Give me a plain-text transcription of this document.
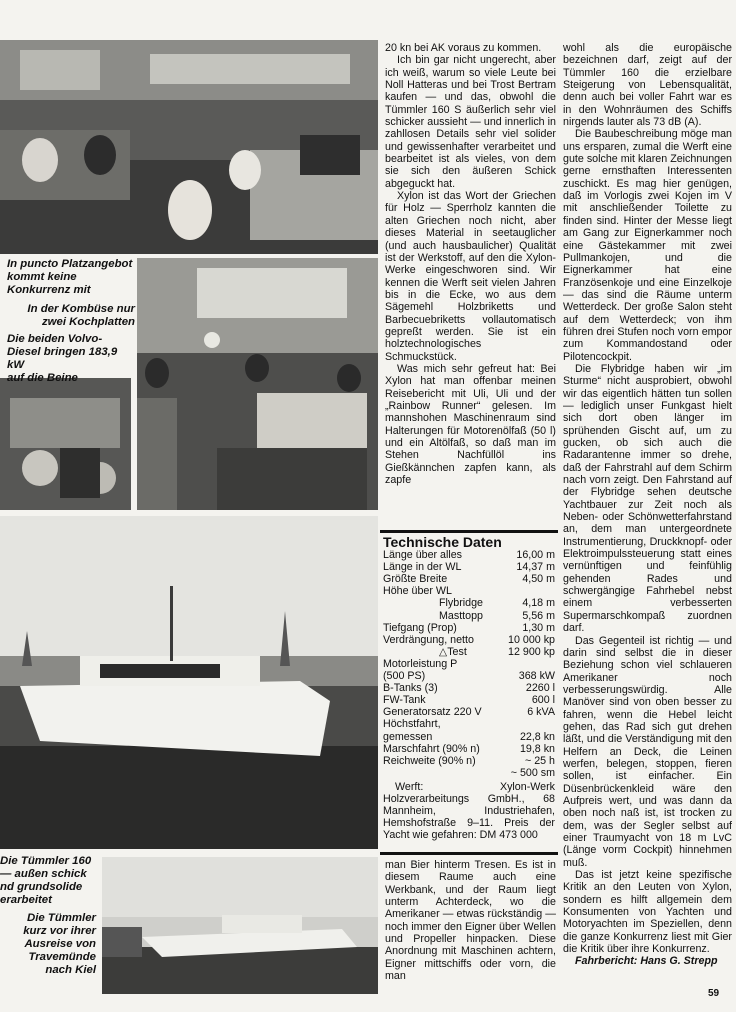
In puncto Platzangebot
kommt keine
Konkurrenz mit
In der Kombüse nur
zwei Kochplatten
Die beiden Volvo-
Diesel bringen 183,9 kW
auf die Beine
Die Tümmler 160
— außen schick
nd grundsolide
erarbeitet
Die Tümmler
kurz vor ihrer
Ausreise von
Travemünde
nach Kiel

20 kn bei AK voraus zu kommen.

Ich bin gar nicht ungerecht, aber ich weiß, warum so viele Leute bei Noll Hatteras und bei Trost Bertram kaufen — und das, obwohl die Tümmler 160 S äußerlich sehr viel schicker aussieht — und innerlich in zahllosen Details sehr viel solider und gewissenhafter verarbeitet und bearbeitet ist als vieles, von dem sie sich den äußeren Schick abgeguckt hat.

Xylon ist das Wort der Griechen für Holz — Sperrholz kannten die alten Griechen noch nicht, aber dieses Material in seetauglicher (und auch hausbaulicher) Qualität ist der Werkstoff, auf den die Xylon-Werke eingeschworen sind. Wir kennen die Werft seit vielen Jahren bis in die Ecke, wo aus dem Sägemehl Holzbriketts und Barbecuebriketts vollautomatisch gepreßt werden. Sie ist ein holztechnologisches Schmuckstück.

Was mich sehr gefreut hat: Bei Xylon hat man offenbar meinen Reisebericht mit Uli, Uli und der „Rainbow Runner“ gelesen. Im mannshohen Maschinenraum sind Halterungen für Motorenölfaß (50 l) und ein Altölfaß, so daß man im Stehen Nachfüllöl ins Gießkännchen zapfen kann, als zapfe

Technische Daten
Länge über alles	16,00 m
Länge in der WL	14,37 m
Größte Breite	4,50 m
Höhe über WL
Flybridge	4,18 m
Masttopp	5,56 m
Tiefgang (Prop)	1,30 m
Verdrängung, netto	10 000 kp
△Test	12 900 kp
Motorleistung P
(500 PS)	368 kW
B-Tanks (3)	2260 l
FW-Tank	600 l
Generatorsatz 220 V	6 kVA
Höchstfahrt,
gemessen	22,8 kn
Marschfahrt (90% n)	19,8 kn
Reichweite (90% n)	~ 25 h
~ 500 sm

Werft: Xylon-Werk Holzverarbeitungs GmbH., 68 Mannheim, Industriehafen, Hemshofstraße 9–11. Preis der Yacht wie gefahren: DM 473 000

man Bier hinterm Tresen. Es ist in diesem Raume auch eine Werkbank, und der Raum liegt unterm Achterdeck, wo die Amerikaner — etwas rückständig — noch immer den Eigner über Wellen und Propeller hinpacken. Diese Anordnung mit Maschinen achtern, Eigner mittschiffs oder vorn, die man

wohl als die europäische bezeichnen darf, zeigt auf der Tümmler 160 die erzielbare Steigerung von Lebensqualität, denn auch bei voller Fahrt war es in den Wohnräumen des Schiffs nirgends lauter als 73 dB (A).

Die Baubeschreibung möge man uns ersparen, zumal die Werft eine gute solche mit klaren Zeichnungen gerne ernsthaften Interessenten zuschickt. Es mag hier genügen, daß im Vorlogis zwei Kojen im V mit anschließender Toilette zu finden sind. Hinter der Messe liegt am Gang zur Eignerkammer noch eine Gästekammer mit zwei Pullmankojen, und die Eignerkammer hat eine Französenkoje und eine Einzelkoje — das sind die Räume unterm Wetterdeck. Der große Salon steht auf dem Wetterdeck; von ihm führen drei Stufen noch vorn empor zum Kommandostand oder Pilotencockpit.

Die Flybridge haben wir „im Sturme“ nicht ausprobiert, obwohl wir das eigentlich hätten tun sollen — lediglich unser Funkgast hielt sich dort oben länger im sprühenden Gischt auf, um zu gucken, ob sich auch die Radarantenne immer so drehe, daß der Fahrstrahl auf dem Schirm nach vorn zeigt. Den Fahrstand auf der Flybridge sehen deutsche Yachtbauer zur Zeit noch als Neben- oder Schönwetterfahrstand an, dem man untergeordnete Instrumentierung, Druckknopf- oder Elektroimpulssteuerung statt eines vernünftigen und feinfühlig gehenden Rades und schwergängige Fahrhebel nebst einem verbesserten Supermarschkompaß zuordnen darf.

Das Gegenteil ist richtig — und darin sind selbst die in dieser Beziehung schon viel schlaueren Amerikaner noch verbesserungswürdig. Alle Manöver sind von oben besser zu fahren, wenn die Hebel leicht gehen, das Rad sich gut drehen läßt, und die Verständigung mit den Helfern an Deck, die Leinen werfen, belegen, stoppen, fieren sollen, ist einfacher. Ein Düsenbrückenkleid wäre den Aufpreis wert, und was dann da oben noch naß ist, ist trocken zu dem, was der Segler selbst auf einer Traumyacht von 18 m LvC (Länge vorm Cockpit) hinnehmen muß.

Das ist jetzt keine spezifische Kritik an den Leuten von Xylon, sondern es hilft allgemein dem Konsumenten von Yachten und Motoryachten im Speziellen, denn die ganze Konkurrenz liest mit Gier die Kritik über ihre Konkurrenz.

Fahrbericht: Hans G. Strepp

59
